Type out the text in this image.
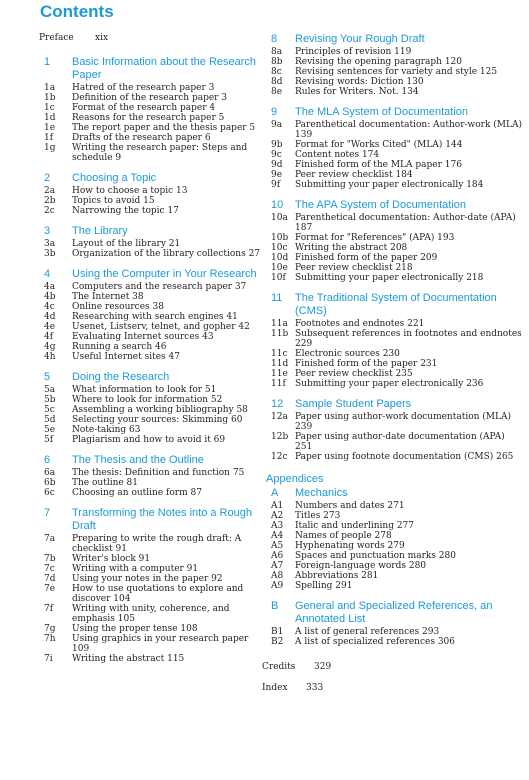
Contents
Preface xix
1 Basic Information about the Research Paper
1a Hatred of the research paper 3
1b Definition of the research paper 3
1c Format of the research paper 4
1d Reasons for the research paper 5
1e The report paper and the thesis paper 5
1f Drafts of the research paper 6
1g Writing the research paper: Steps and schedule 9
2 Choosing a Topic
2a How to choose a topic 13
2b Topics to avoid 15
2c Narrowing the topic 17
3 The Library
3a Layout of the library 21
3b Organization of the library collections 27
4 Using the Computer in Your Research
4a Computers and the research paper 37
4b The Internet 38
4c Online resources 38
4d Researching with search engines 41
4e Usenet, Listserv, telnet, and gopher 42
4f Evaluating Internet sources 43
4g Running a search 46
4h Useful Internet sites 47
5 Doing the Research
5a What information to look for 51
5b Where to look for information 52
5c Assembling a working bibliography 58
5d Selecting your sources: Skimming 60
5e Note-taking 63
5f Plagiarism and how to avoid it 69
6 The Thesis and the Outline
6a The thesis: Definition and function 75
6b The outline 81
6c Choosing an outline form 87
7 Transforming the Notes into a Rough Draft
7a Preparing to write the rough draft: A checklist 91
7b Writer's block 91
7c Writing with a computer 91
7d Using your notes in the paper 92
7e How to use quotations to explore and discover 104
7f Writing with unity, coherence, and emphasis 105
7g Using the proper tense 108
7h Using graphics in your research paper 109
7i Writing the abstract 115
8 Revising Your Rough Draft
8a Principles of revision 119
8b Revising the opening paragraph 120
8c Revising sentences for variety and style 125
8d Revising words: Diction 130
8e Rules for Writers. Not. 134
9 The MLA System of Documentation
9a Parenthetical documentation: Author-work (MLA) 139
9b Format for "Works Cited" (MLA) 144
9c Content notes 174
9d Finished form of the MLA paper 176
9e Peer review checklist 184
9f Submitting your paper electronically 184
10 The APA System of Documentation
10a Parenthetical documentation: Author-date (APA) 187
10b Format for "References" (APA) 193
10c Writing the abstract 208
10d Finished form of the paper 209
10e Peer review checklist 218
10f Submitting your paper electronically 218
11 The Traditional System of Documentation (CMS)
11a Footnotes and endnotes 221
11b Subsequent references in footnotes and endnotes 229
11c Electronic sources 230
11d Finished form of the paper 231
11e Peer review checklist 235
11f Submitting your paper electronically 236
12 Sample Student Papers
12a Paper using author-work documentation (MLA) 239
12b Paper using author-date documentation (APA) 251
12c Paper using footnote documentation (CMS) 265
Appendices
A Mechanics
A1 Numbers and dates 271
A2 Titles 273
A3 Italic and underlining 277
A4 Names of people 278
A5 Hyphenating words 279
A6 Spaces and punctuation marks 280
A7 Foreign-language words 280
A8 Abbreviations 281
A9 Spelling 291
B General and Specialized References, an Annotated List
B1 A list of general references 293
B2 A list of specialized references 306
Credits 329
Index 333
